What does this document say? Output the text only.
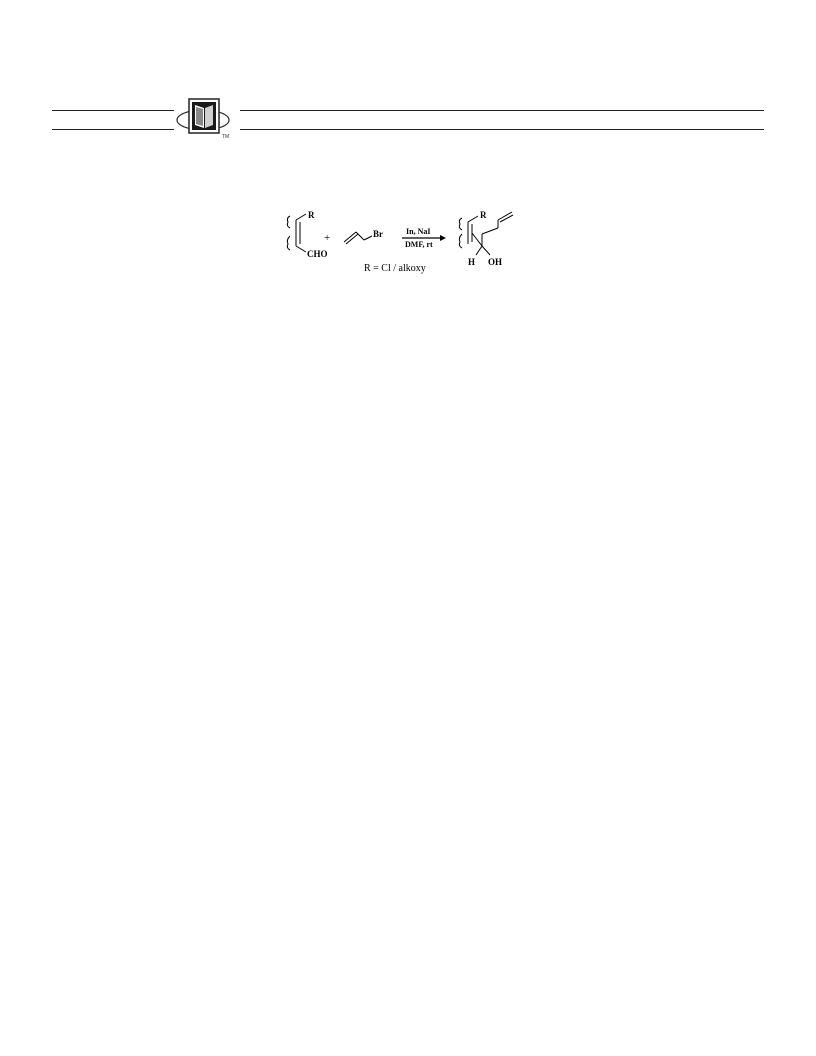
TM
R
CHO
+	Br	In, NaI
DMF, rt
R = Cl / alkoxy
R
H OH
